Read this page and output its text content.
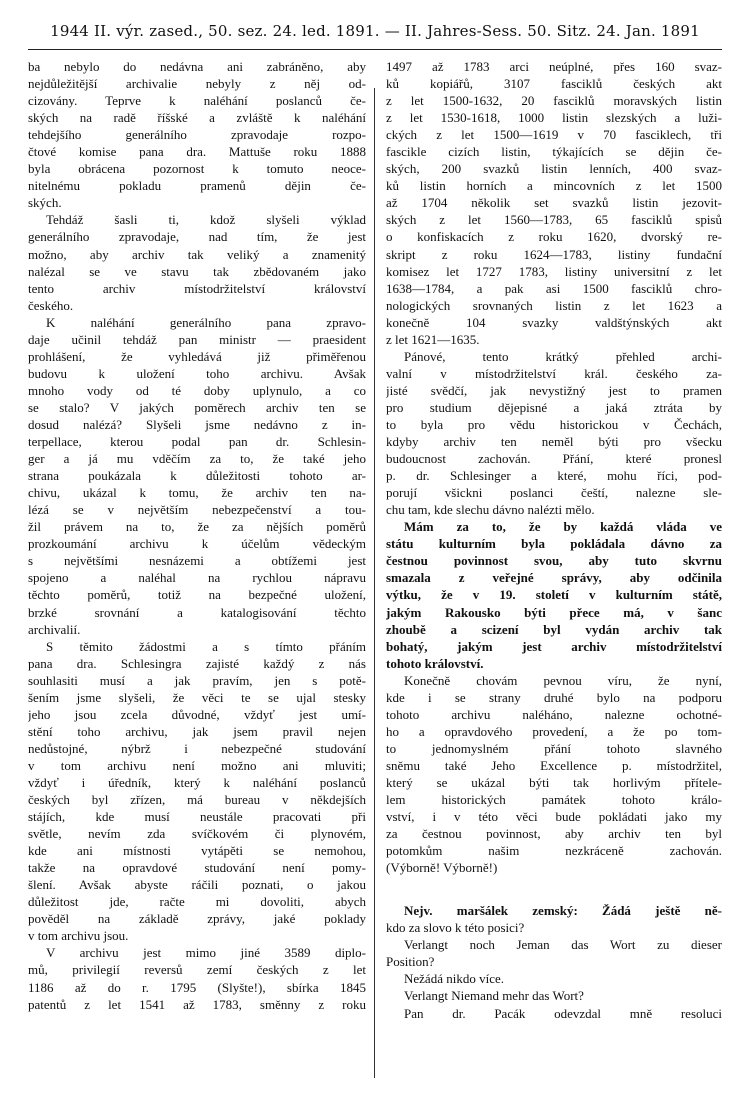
1944 II. výr. zased., 50. sez. 24. led. 1891. — II. Jahres-Sess. 50. Sitz. 24. Jan. 1891
ba nebylo do nedávna ani zabráněno, aby
nejdůležitější archivalie nebyly z něj od-
cizovány. Teprve k naléhání poslanců če-
ských na radě říšské a zvláště k naléhání
tehdejšího generálního zpravodaje rozpo-
čtové komise pana dra. Mattuše roku 1888
byla obrácena pozornost k tomuto neoce-
nitelnému pokladu pramenů dějin če-
ských.
Tehdáž šasli ti, kdož slyšeli výklad
generálního zpravodaje, nad tím, že jest
možno, aby archiv tak veliký a znamenitý
nalézal se ve stavu tak zbědovaném jako
tento archiv místodržitelství království
českého.
K naléhání generálního pana zpravo-
daje učinil tehdáž pan ministr — praesident
prohlášení, že vyhledává již přiměřenou
budovu k uložení toho archivu. Avšak
mnoho vody od té doby uplynulo, a co
se stalo? V jakých poměrech archiv ten se
dosud nalézá? Slyšeli jsme nedávno z in-
terpellace, kterou podal pan dr. Schlesin-
ger a já mu vděčím za to, že také jeho
strana poukázala k důležitosti tohoto ar-
chivu, ukázal k tomu, že archiv ten na-
lézá se v největším nebezpečenství a tou-
žil právem na to, že za nějších poměrů
prozkoumání archivu k účelům vědeckým
s největšími nesnázemi a obtížemi jest
spojeno a naléhal na rychlou nápravu
těchto poměrů, totiž na bezpečné uložení,
brzké srovnání a katalogisování těchto
archivalií.
S těmito žádostmi a s tímto přáním
pana dra. Schlesingra zajisté každý z nás
souhlasiti musí a jak pravím, jen s potě-
šením jsme slyšeli, že věci te se ujal stesky
jeho jsou zcela důvodné, vždyť jest umí-
stění toho archivu, jak jsem pravil nejen
nedůstojné, nýbrž i nebezpečné studování
v tom archivu není možno ani mluviti;
vždyť i úředník, který k naléhání poslanců
českých byl zřízen, má bureau v někdejších
stájích, kde musí neustále pracovati při
světle, nevím zda svíčkovém či plynovém,
kde ani místnosti vytápěti se nemohou,
takže na opravdové studování není pomy-
šlení. Avšak abyste ráčili poznati, o jakou
důležitost jde, račte mi dovoliti, abych
pověděl na základě zprávy, jaké poklady
v tom archivu jsou.
V archivu jest mimo jiné 3589 diplo-
mů, privilegií reversů zemí českých z let
1186 až do r. 1795 (Slyšte!), sbírka 1845
patentů z let 1541 až 1783, směnny z roku
1497 až 1783 arci neúplné, přes 160 svaz-
ků kopiářů, 3107 fasciklů českých akt
z let 1500-1632, 20 fasciklů moravských listin
z let 1530-1618, 1000 listin slezských a luži-
ckých z let 1500—1619 v 70 fasciklech, tři
fascikle cizích listin, týkajících se dějin če-
ských, 200 svazků listin lenních, 400 svaz-
ků listin horních a mincovních z let 1500
až 1704 několik set svazků listin jezovit-
ských z let 1560—1783, 65 fasciklů spisů
o konfiskacích z roku 1620, dvorský re-
skript z roku 1624—1783, listiny fundační
komisez let 1727 1783, listiny universitní z let
1638—1784, a pak asi 1500 fasciklů chro-
nologických srovnaných listin z let 1623 a
konečně 104 svazky valdštýnských akt
z let 1621—1635.
Pánové, tento krátký přehled archi-
valní v místodržitelství král. českého za-
jisté svědčí, jak nevystižný jest to pramen
pro studium dějepisné a jaká ztráta by
to byla pro vědu historickou v Čechách,
kdyby archiv ten neměl býti pro všecku
budoucnost zachován. Přání, které pronesl
p. dr. Schlesinger a které, mohu říci, pod-
porují všickni poslanci čeští, nalezne sle-
chu tam, kde slechu dávno nalézti mělo.
Mám za to, že by každá vláda ve
státu kulturním byla pokládala dávno za
čestnou povinnost svou, aby tuto skvrnu
smazala z veřejné správy, aby odčinila
výtku, že v 19. století v kulturním státě,
jakým Rakousko býti přece má, v šanc
zhoubě a scizení byl vydán archiv tak
bohatý, jakým jest archiv místodržitelství
tohoto království.
Konečně chovám pevnou víru, že nyní,
kde i se strany druhé bylo na podporu
tohoto archivu naléháno, nalezne ochotné-
ho a opravdového provedení, a že po tom-
to jednomyslném přání tohoto slavného
sněmu také Jeho Excellence p. místodržitel,
který se ukázal býti tak horlivým přítele-
lem historických památek tohoto králo-
vství, i v této věci bude pokládati jako my
za čestnou povinnost, aby archiv ten byl
potomkům našim nezkráceně zachován.
(Výborně! Výborně!)
Nejv. maršálek zemský: Žádá ještě ně-
kdo za slovo k této posici?
Verlangt noch Jeman das Wort zu dieser
Position?
Nežádá nikdo více.
Verlangt Niemand mehr das Wort?
Pan dr. Pacák odevzdal mně resoluci
